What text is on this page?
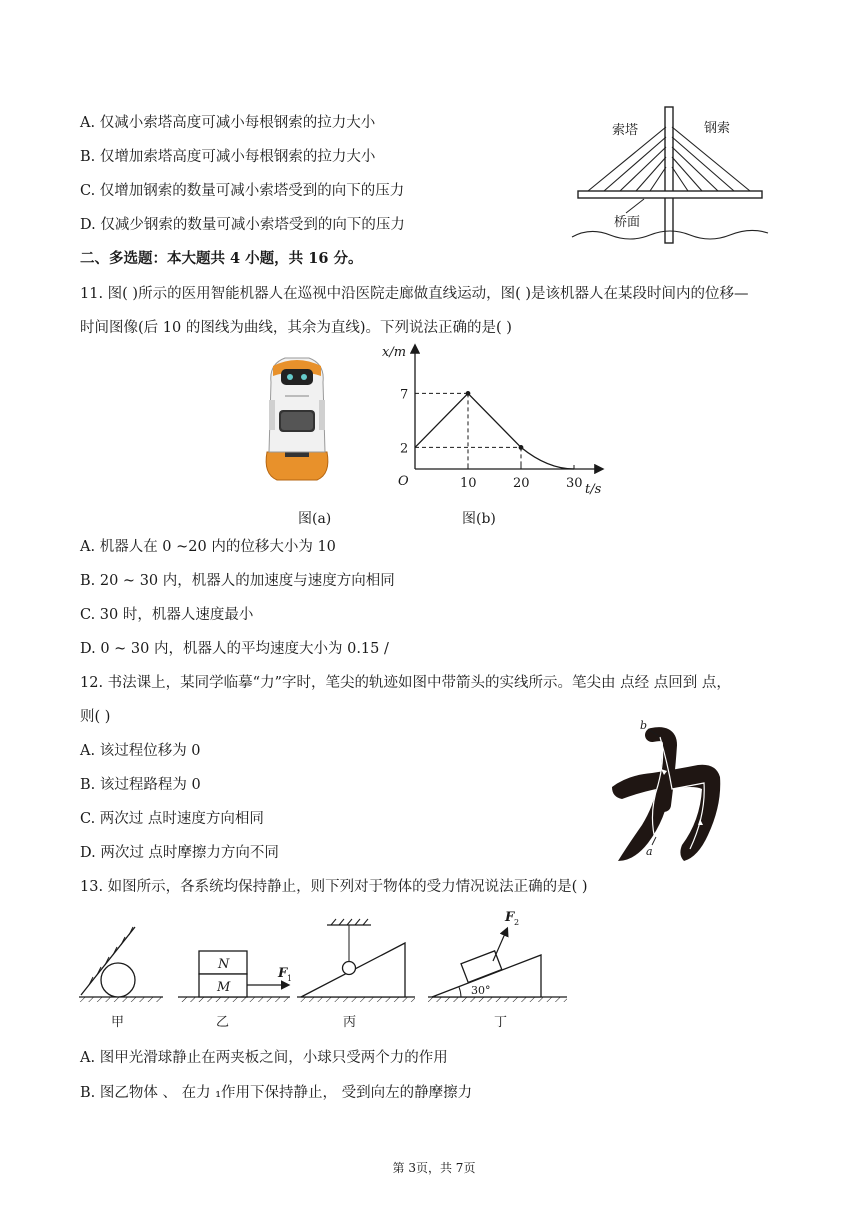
A. 仅减小索塔高度可减小每根钢索的拉力大小
B. 仅增加索塔高度可减小每根钢索的拉力大小
C. 仅增加钢索的数量可减小索塔受到的向下的压力
D. 仅减少钢索的数量可减小索塔受到的向下的压力
索塔	钢索
桥面
二、多选题：本大题共 4 小题，共 16 分。
11. 图( )所示的医用智能机器人在巡视中沿医院走廊做直线运动，图( )是该机器人在某段时间内的位移—
时间图像(后 10 的图线为曲线，其余为直线)。下列说法正确的是( )
图(a)
10	20	30
2
7
x/m
t/s
O
图(b)
A. 机器人在 0 ~20 内的位移大小为 10
B. 20 ~ 30 内，机器人的加速度与速度方向相同
C. 30 时，机器人速度最小
D. 0 ~ 30 内，机器人的平均速度大小为 0.15 /
12. 书法课上，某同学临摹“力”字时，笔尖的轨迹如图中带箭头的实线所示。笔尖由 点经 点回到 点，
则( )
A. 该过程位移为 0
B. 该过程路程为 0
C. 两次过 点时速度方向相同
D. 两次过 点时摩擦力方向不同
b
a
13. 如图所示，各系统均保持静止，则下列对于物体的受力情况说法正确的是( )
甲
N
M
F 1
乙	丙
30°
F 2
丁
A. 图甲光滑球静止在两夹板之间，小球只受两个力的作用
B. 图乙物体 、 在力 ₁作用下保持静止， 受到向左的静摩擦力
第 3页，共 7页
